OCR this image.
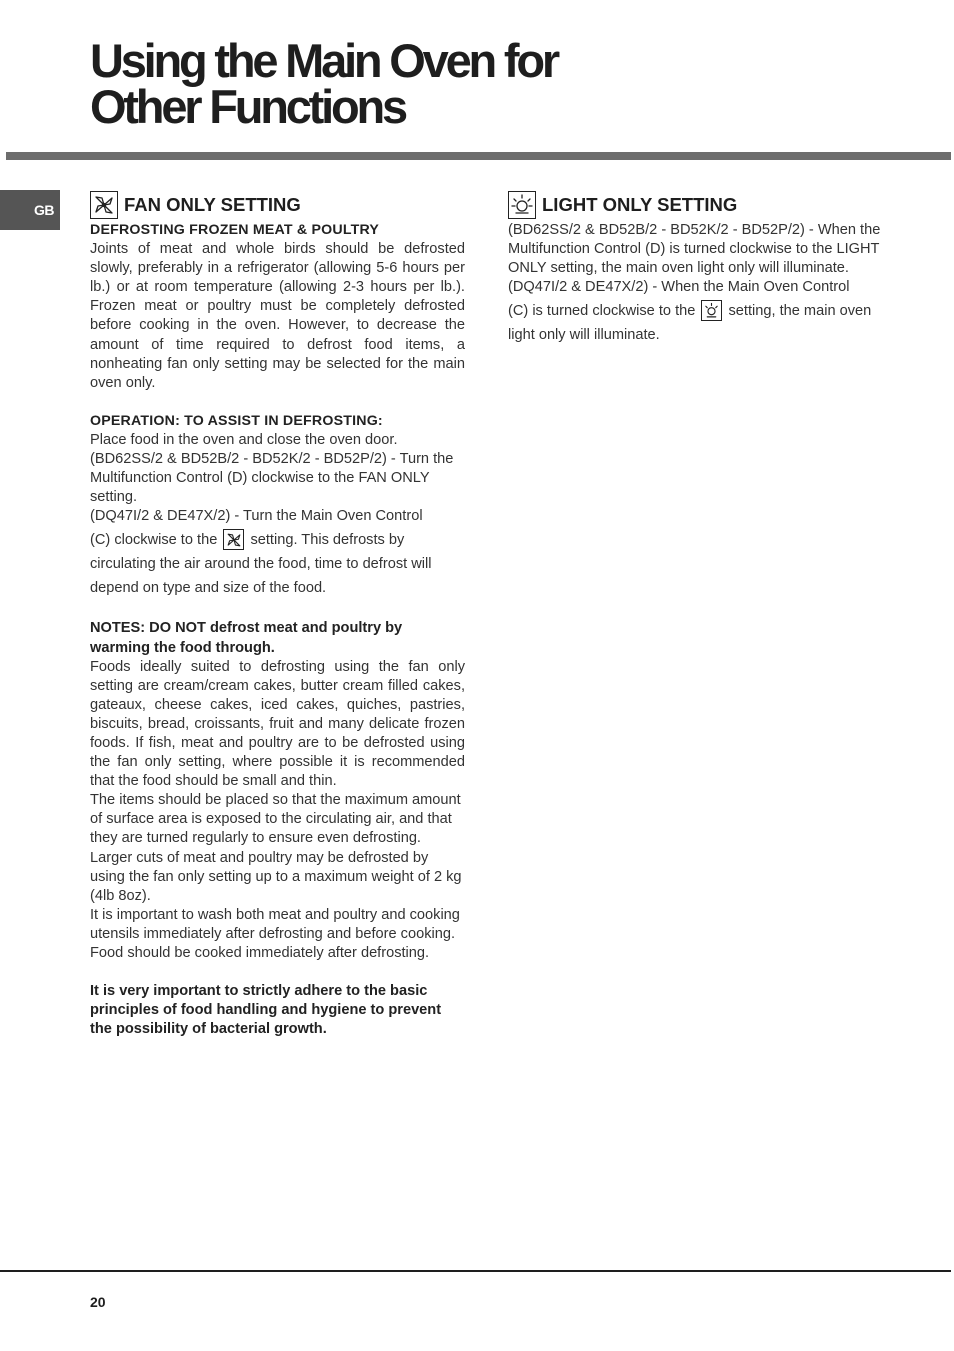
Using the Main Oven for
Other Functions
GB	FAN ONLY SETTING

DEFROSTING FROZEN MEAT & POULTRY

Joints of meat and whole birds should be defrosted slowly, preferably in a refrigerator (allowing 5-6 hours per lb.) or at room temperature (allowing 2-3 hours per lb.). Frozen meat or poultry must be completely defrosted before cooking in the oven. However, to decrease the amount of time required to defrost food items, a nonheating fan only setting may be selected for the main oven only.

OPERATION: TO ASSIST IN DEFROSTING:

Place food in the oven and close the oven door.

(BD62SS/2 & BD52B/2 - BD52K/2 - BD52P/2) - Turn the Multifunction Control (D) clockwise to the FAN ONLY setting.

(DQ47I/2 & DE47X/2) - Turn the Main Oven Control

(C) clockwise to the setting. This defrosts by circulating the air around the food, time to defrost will depend on type and size of the food.

NOTES: DO NOT defrost meat and poultry by warming the food through.

Foods ideally suited to defrosting using the fan only setting are cream/cream cakes, butter cream filled cakes, gateaux, cheese cakes, iced cakes, quiches, pastries, biscuits, bread, croissants, fruit and many delicate frozen foods. If fish, meat and poultry are to be defrosted using the fan only setting, where possible it is recommended that the food should be small and thin.

The items should be placed so that the maximum amount of surface area is exposed to the circulating air, and that they are turned regularly to ensure even defrosting.

Larger cuts of meat and poultry may be defrosted by using the fan only setting up to a maximum weight of 2 kg (4lb 8oz).

It is important to wash both meat and poultry and cooking utensils immediately after defrosting and before cooking. Food should be cooked immediately after defrosting.

It is very important to strictly adhere to the basic principles of food handling and hygiene to prevent the possibility of bacterial growth.

LIGHT ONLY SETTING

(BD62SS/2 & BD52B/2 - BD52K/2 - BD52P/2) - When the Multifunction Control (D) is turned clockwise to the LIGHT ONLY setting, the main oven light only will illuminate.

(DQ47I/2 & DE47X/2) - When the Main Oven Control

(C) is turned clockwise to the setting, the main oven light only will illuminate.

20
